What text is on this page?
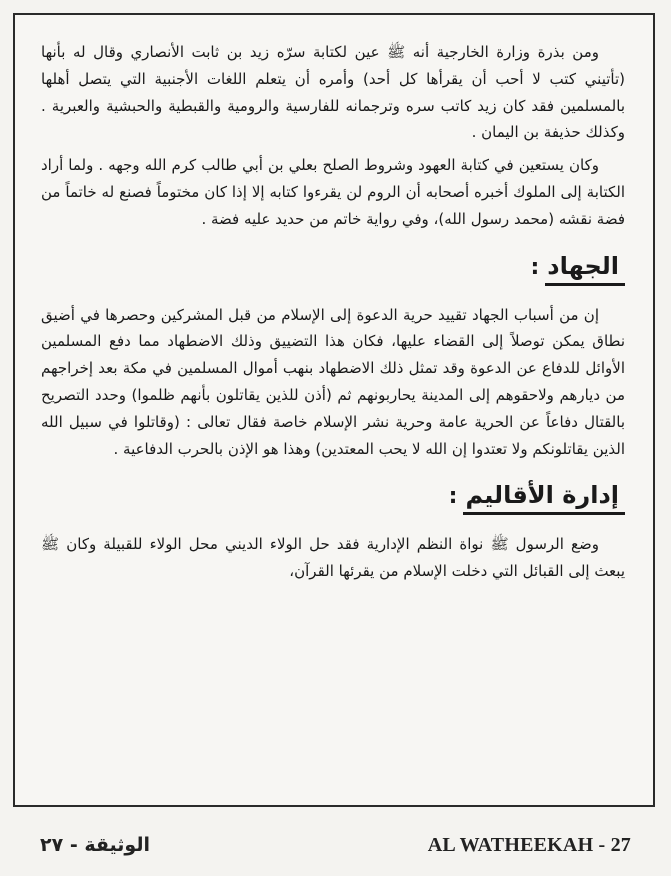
ومن بذرة وزارة الخارجية أنه ﷺ عين لكتابة سرّه زيد بن ثابت الأنصاري وقال له بأنها (تأتيني كتب لا أحب أن يقرأها كل أحد) وأمره أن يتعلم اللغات الأجنبية التي يتصل أهلها بالمسلمين فقد كان زيد كاتب سره وترجمانه للفارسية والرومية والقبطية والحبشية والعبرية . وكذلك حذيفة بن اليمان .

وكان يستعين في كتابة العهود وشروط الصلح بعلي بن أبي طالب كرم الله وجهه . ولما أراد الكتابة إلى الملوك أخبره أصحابه أن الروم لن يقرءوا كتابه إلا إذا كان مختوماً فصنع له خاتماً من فضة نقشه (محمد رسول الله)، وفي رواية خاتم من حديد عليه فضة .

الجهاد:

إن من أسباب الجهاد تقييد حرية الدعوة إلى الإسلام من قبل المشركين وحصرها في أضيق نطاق يمكن توصلاً إلى القضاء عليها، فكان هذا التضييق وذلك الاضطهاد مما دفع المسلمين الأوائل للدفاع عن الدعوة وقد تمثل ذلك الاضطهاد بنهب أموال المسلمين في مكة بعد إخراجهم من ديارهم ولاحقوهم إلى المدينة يحاربونهم ثم (أذن للذين يقاتلون بأنهم ظلموا) وحدد التصريح بالقتال دفاعاً عن الحرية عامة وحرية نشر الإسلام خاصة فقال تعالى : (وقاتلوا في سبيل الله الذين يقاتلونكم ولا تعتدوا إن الله لا يحب المعتدين) وهذا هو الإذن بالحرب الدفاعية .

إدارة الأقاليم:

وضع الرسول ﷺ نواة النظم الإدارية فقد حل الولاء الديني محل الولاء للقبيلة وكان ﷺ يبعث إلى القبائل التي دخلت الإسلام من يقرئها القرآن،

AL WATHEEKAH - 27
الوثيقة - ٢٧
